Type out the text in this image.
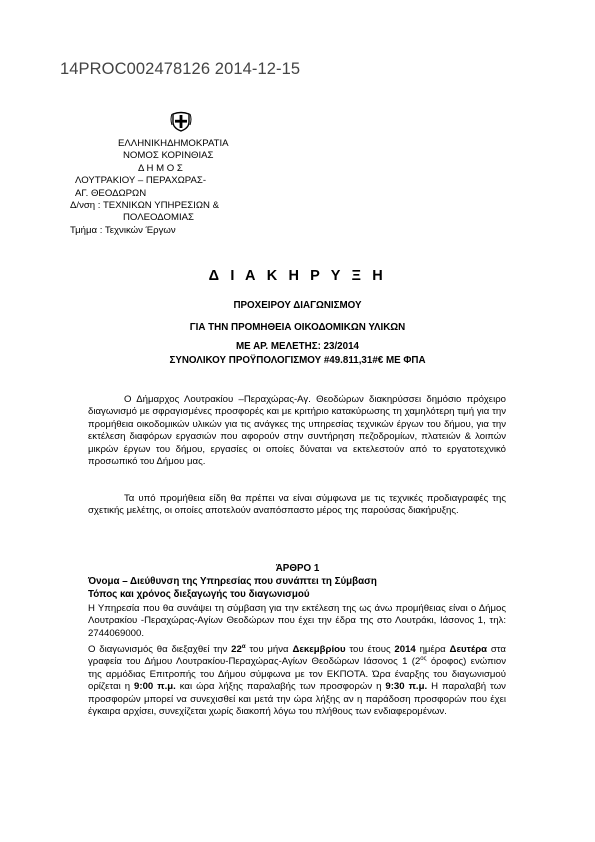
14PROC002478126 2014-12-15
ΕΛΛΗΝΙΚΗΔΗΜΟΚΡΑΤΙΑ
ΝΟΜΟΣ ΚΟΡΙΝΘΙΑΣ
Δ Η Μ Ο Σ
ΛΟΥΤΡΑΚΙΟΥ – ΠΕΡΑΧΩΡΑΣ-
ΑΓ. ΘΕΟΔΩΡΩΝ
Δ/νση : ΤΕΧΝΙΚΩΝ ΥΠΗΡΕΣΙΩΝ &
ΠΟΛΕΟΔΟΜΙΑΣ
Τμήμα : Τεχνικών Έργων
Δ Ι Α Κ Η Ρ Υ Ξ Η
ΠΡΟΧΕΙΡΟΥ ΔΙΑΓΩΝΙΣΜΟΥ
ΓΙΑ ΤΗΝ ΠΡΟΜΗΘΕΙΑ ΟΙΚΟΔΟΜΙΚΩΝ ΥΛΙΚΩΝ
ΜΕ ΑΡ. ΜΕΛΕΤΗΣ: 23/2014
ΣΥΝΟΛΙΚΟΥ ΠΡΟΫΠΟΛΟΓΙΣΜΟΥ #49.811,31#€ ΜΕ ΦΠΑ
Ο Δήμαρχος Λουτρακίου –Περαχώρας-Αγ. Θεοδώρων διακηρύσσει δημόσιο πρόχειρο διαγωνισμό με σφραγισμένες προσφορές και με κριτήριο κατακύρωσης τη χαμηλότερη τιμή για την προμήθεια οικοδομικών υλικών για τις ανάγκες της υπηρεσίας τεχνικών έργων του δήμου, για την εκτέλεση διαφόρων εργασιών που αφορούν στην συντήρηση πεζοδρομίων, πλατειών & λοιπών μικρών έργων του δήμου, εργασίες οι οποίες δύναται να εκτελεστούν από το εργατοτεχνικό προσωπικό του Δήμου μας.
Τα υπό προμήθεια είδη θα πρέπει να είναι σύμφωνα με τις τεχνικές προδιαγραφές της σχετικής μελέτης, οι οποίες αποτελούν αναπόσπαστο μέρος της παρούσας διακήρυξης.
ΆΡΘΡΟ 1
Όνομα – Διεύθυνση της Υπηρεσίας που συνάπτει τη Σύμβαση
Τόπος και χρόνος διεξαγωγής του διαγωνισμού
Η Υπηρεσία που θα συνάψει τη σύμβαση για την εκτέλεση της ως άνω προμήθειας είναι ο Δήμος Λουτρακίου -Περαχώρας-Αγίων Θεοδώρων που έχει την έδρα της στο Λουτράκι, Ιάσονος 1, τηλ: 2744069000.
Ο διαγωνισμός θα διεξαχθεί την $22^\alpha$ του μήνα Δεκεμβρίου του έτους 2014 ημέρα Δευτέρα στα γραφεία του Δήμου Λουτρακίου-Περαχώρας-Αγίων Θεοδώρων Ιάσονος 1 ($2^{o\varsigma}$ όροφος) ενώπιον της αρμόδιας Επιτροπής του Δήμου σύμφωνα με τον ΕΚΠΟΤΑ. Ώρα έναρξης του διαγωνισμού ορίζεται η 9:00 π.μ. και ώρα λήξης παραλαβής των προσφορών η 9:30 π.μ. Η παραλαβή των προσφορών μπορεί να συνεχισθεί και μετά την ώρα λήξης αν η παράδοση προσφορών που έχει έγκαιρα αρχίσει, συνεχίζεται χωρίς διακοπή λόγω του πλήθους των ενδιαφερομένων.
